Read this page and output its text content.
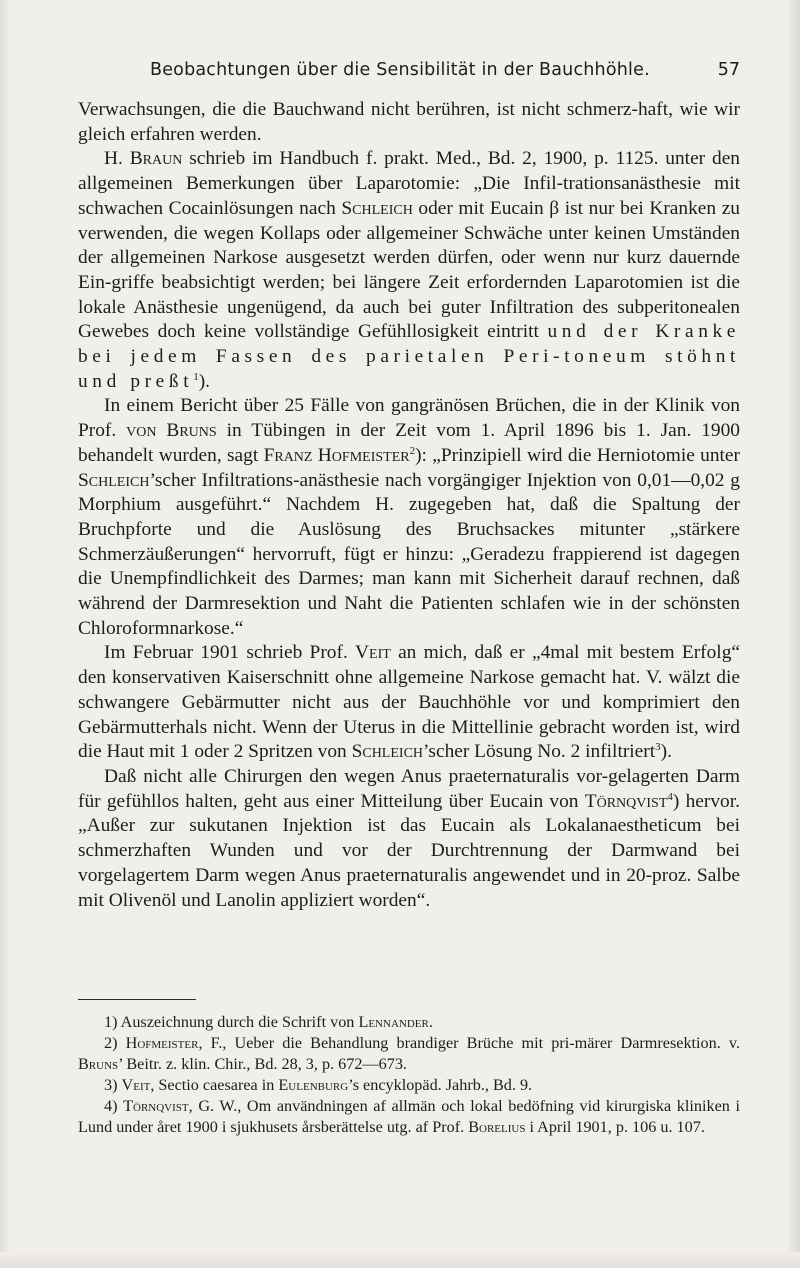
Beobachtungen über die Sensibilität in der Bauchhöhle.	57

Verwachsungen, die die Bauchwand nicht berühren, ist nicht schmerz-haft, wie wir gleich erfahren werden.

H. Braun schrieb im Handbuch f. prakt. Med., Bd. 2, 1900, p. 1125. unter den allgemeinen Bemerkungen über Laparotomie: „Die Infil-trationsanästhesie mit schwachen Cocainlösungen nach Schleich oder mit Eucain β ist nur bei Kranken zu verwenden, die wegen Kollaps oder allgemeiner Schwäche unter keinen Umständen der allgemeinen Narkose ausgesetzt werden dürfen, oder wenn nur kurz dauernde Ein-griffe beabsichtigt werden; bei längere Zeit erfordernden Laparotomien ist die lokale Anästhesie ungenügend, da auch bei guter Infiltration des subperitonealen Gewebes doch keine vollständige Gefühllosigkeit eintritt und der Kranke bei jedem Fassen des parietalen Peri-toneum stöhnt und preßt$^1$).

In einem Bericht über 25 Fälle von gangränösen Brüchen, die in der Klinik von Prof. von Bruns in Tübingen in der Zeit vom 1. April 1896 bis 1. Jan. 1900 behandelt wurden, sagt Franz Hofmeister$^2$): „Prinzipiell wird die Herniotomie unter Schleich’scher Infiltrations-anästhesie nach vorgängiger Injektion von 0,01—0,02 g Morphium ausgeführt.“ Nachdem H. zugegeben hat, daß die Spaltung der Bruchpforte und die Auslösung des Bruchsackes mitunter „stärkere Schmerzäußerungen“ hervorruft, fügt er hinzu: „Geradezu frappierend ist dagegen die Unempfindlichkeit des Darmes; man kann mit Sicherheit darauf rechnen, daß während der Darmresektion und Naht die Patienten schlafen wie in der schönsten Chloroformnarkose.“

Im Februar 1901 schrieb Prof. Veit an mich, daß er „4mal mit bestem Erfolg“ den konservativen Kaiserschnitt ohne allgemeine Narkose gemacht hat. V. wälzt die schwangere Gebärmutter nicht aus der Bauchhöhle vor und komprimiert den Gebärmutterhals nicht. Wenn der Uterus in die Mittellinie gebracht worden ist, wird die Haut mit 1 oder 2 Spritzen von Schleich’scher Lösung No. 2 infiltriert$^3$).

Daß nicht alle Chirurgen den wegen Anus praeternaturalis vor-gelagerten Darm für gefühllos halten, geht aus einer Mitteilung über Eucain von Törnqvist$^4$) hervor. „Außer zur sukutanen Injektion ist das Eucain als Lokalanaestheticum bei schmerzhaften Wunden und vor der Durchtrennung der Darmwand bei vorgelagertem Darm wegen Anus praeternaturalis angewendet und in 20-proz. Salbe mit Olivenöl und Lanolin appliziert worden“.

1) Auszeichnung durch die Schrift von Lennander.

2) Hofmeister, F., Ueber die Behandlung brandiger Brüche mit pri-märer Darmresektion. v. Bruns’ Beitr. z. klin. Chir., Bd. 28, 3, p. 672—673.

3) Veit, Sectio caesarea in Eulenburg’s encyklopäd. Jahrb., Bd. 9.

4) Törnqvist, G. W., Om användningen af allmän och lokal bedöfning vid kirurgiska kliniken i Lund under året 1900 i sjukhusets årsberättelse utg. af Prof. Borelius i April 1901, p. 106 u. 107.
